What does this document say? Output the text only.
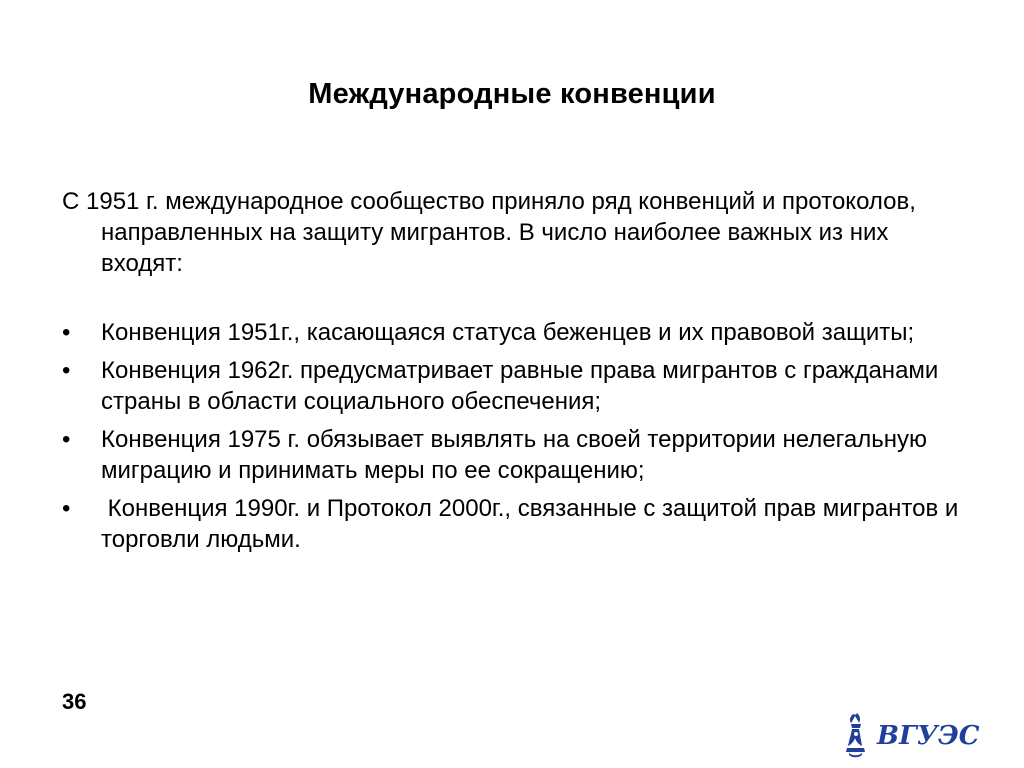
Международные конвенции

С 1951 г. международное сообщество приняло ряд конвенций и протоколов, направленных на защиту мигрантов. В число наиболее важных из них входят:

• Конвенция 1951г., касающаяся статуса беженцев и их правовой защиты;
• Конвенция 1962г. предусматривает равные права мигрантов с гражданами страны в области социального обеспечения;
• Конвенция 1975 г. обязывает выявлять на своей территории нелегальную миграцию и принимать меры по ее сокращению;
• Конвенция 1990г. и Протокол 2000г., связанные с защитой прав мигрантов и торговли людьми.
36
ВГУЭС
